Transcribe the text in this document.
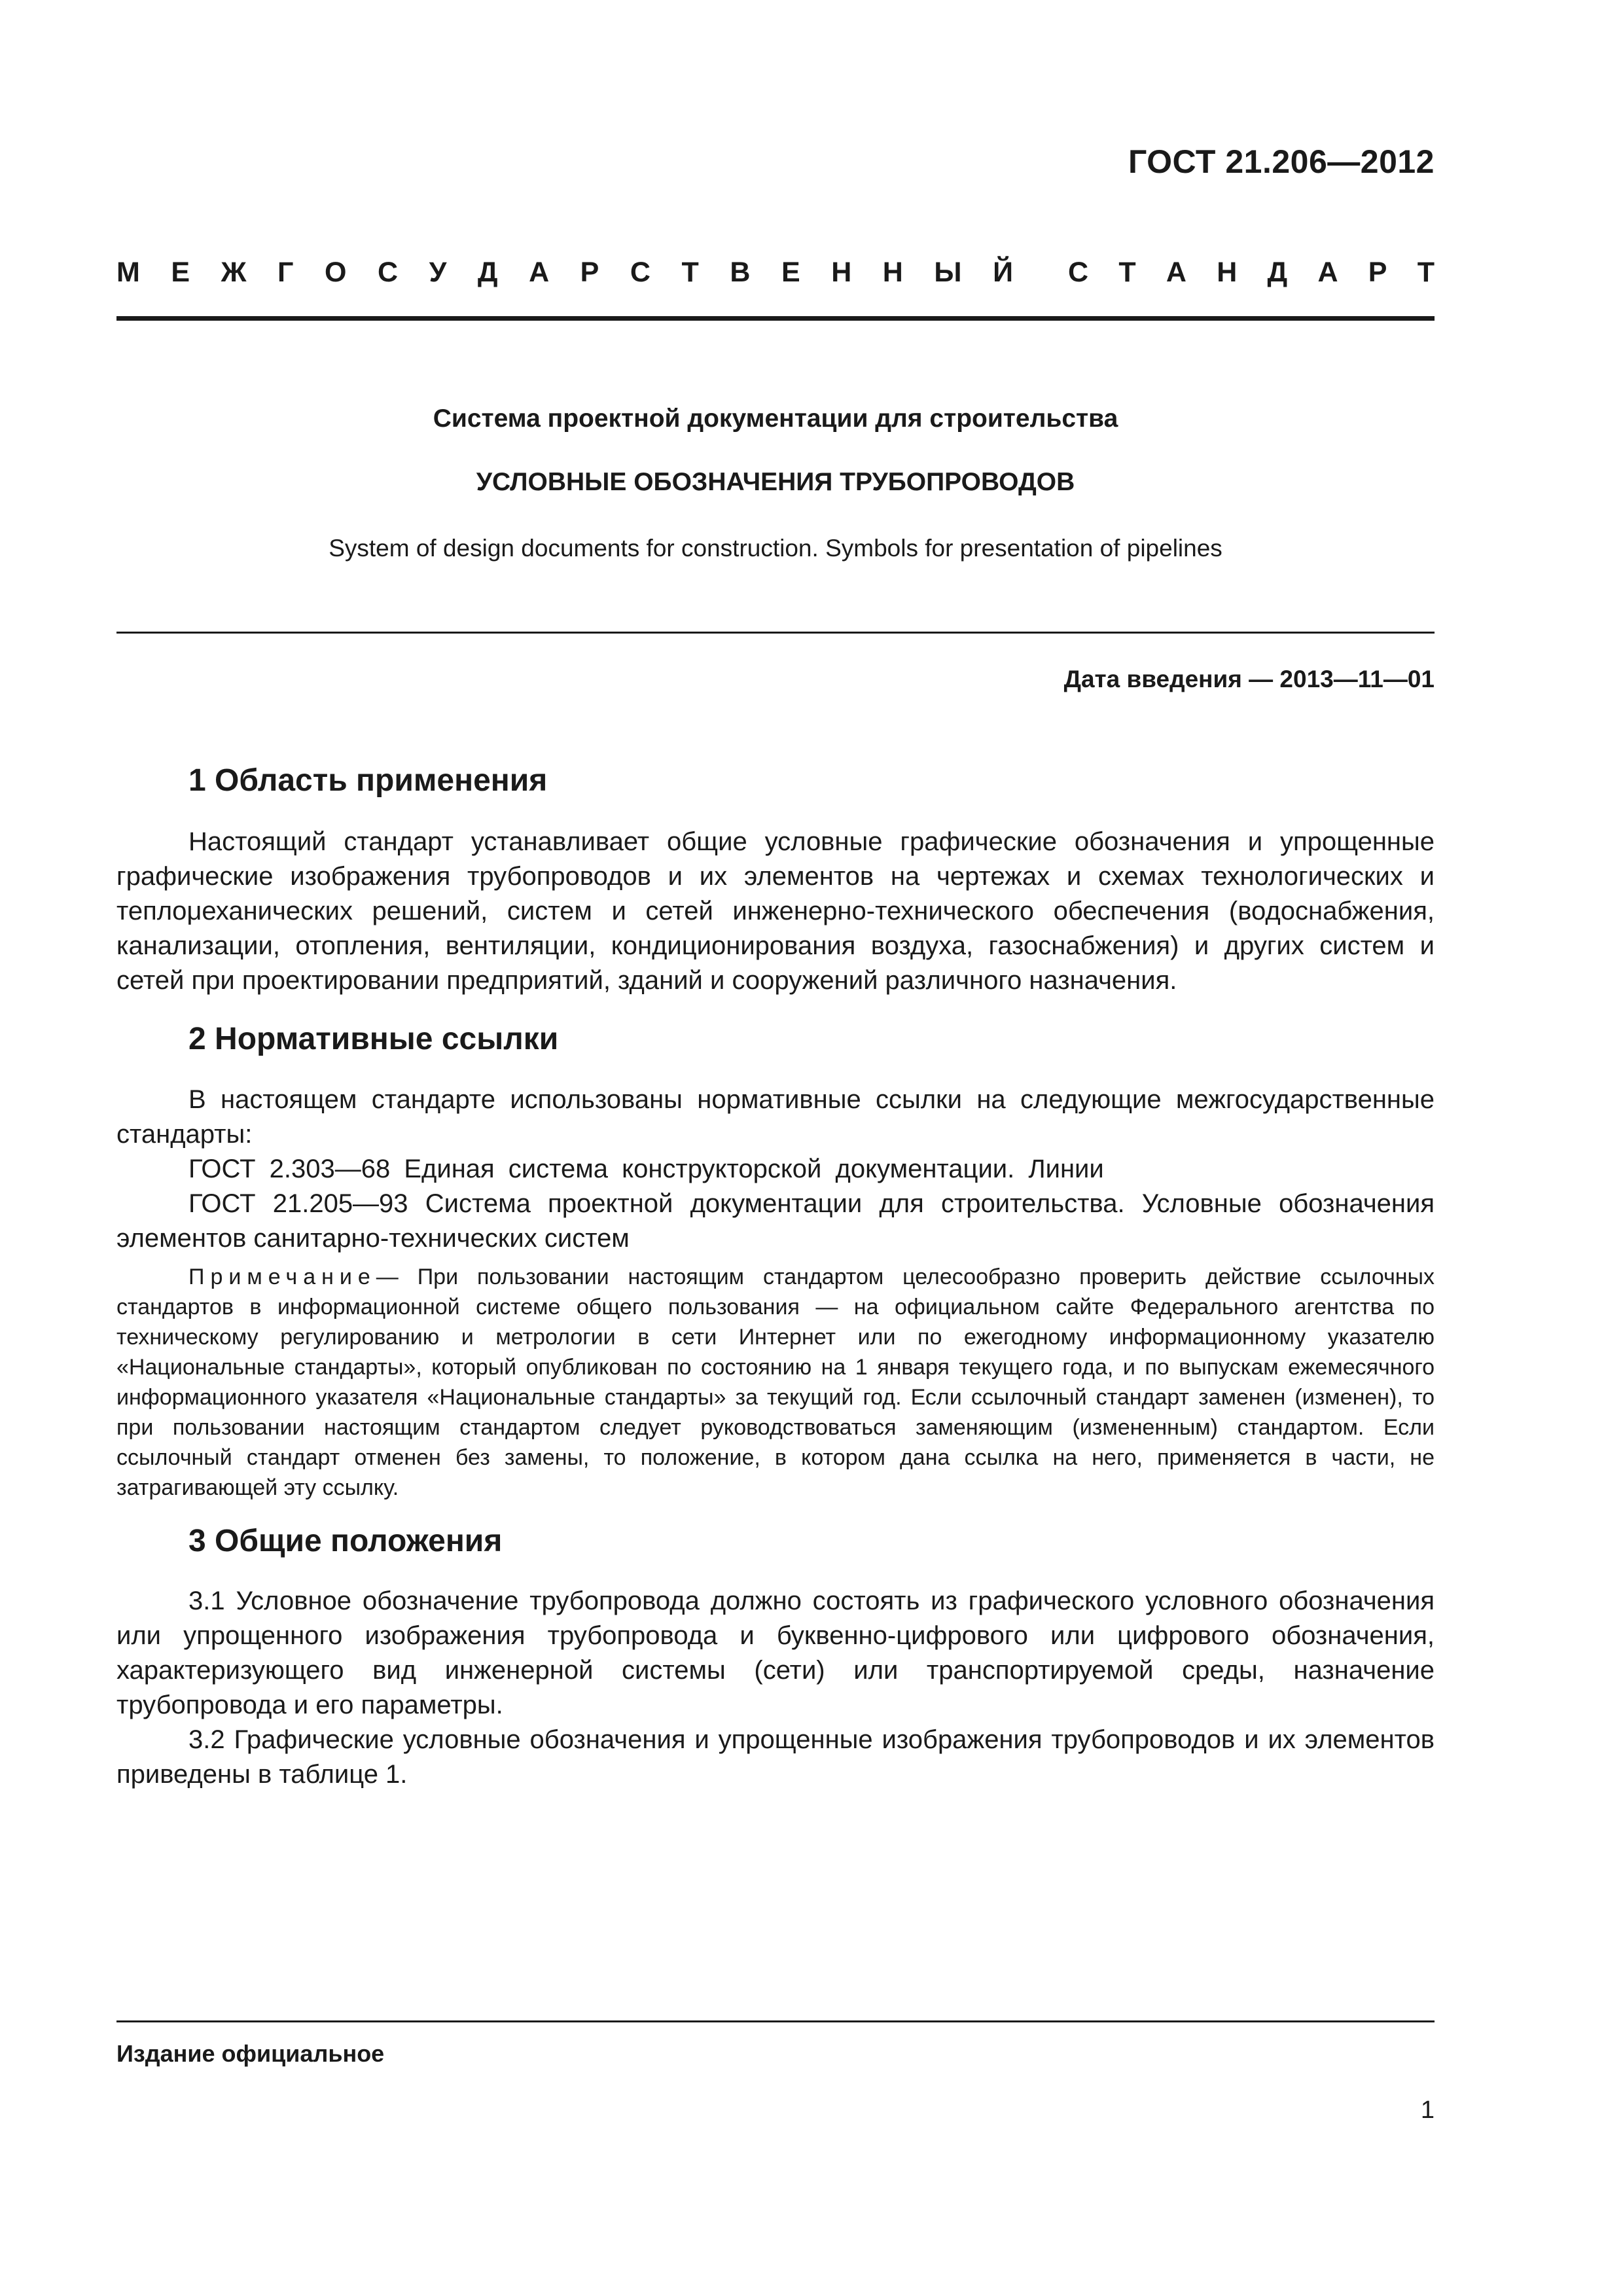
ГОСТ 21.206—2012
М Е Ж Г О С У Д А Р С Т В Е Н Н Ы Й С Т А Н Д А Р Т
Система проектной документации для строительства
УСЛОВНЫЕ ОБОЗНАЧЕНИЯ ТРУБОПРОВОДОВ
System of design documents for construction. Symbols for presentation of pipelines
Дата введения — 2013—11—01
1 Область применения

Настоящий стандарт устанавливает общие условные графические обозначения и упрощенные графические изображения трубопроводов и их элементов на чертежах и схемах технологических и теплομеханических решений, систем и сетей инженерно-технического обеспечения (водоснабжения, канализации, отопления, вентиляции, кондиционирования воздуха, газоснабжения) и других систем и сетей при проектировании предприятий, зданий и сооружений различного назначения.

2 Нормативные ссылки

В настоящем стандарте использованы нормативные ссылки на следующие межгосударственные стандарты:

ГОСТ 2.303—68 Единая система конструкторской документации. Линии

ГОСТ 21.205—93 Система проектной документации для строительства. Условные обозначения элементов санитарно-технических систем

Примечание— При пользовании настоящим стандартом целесообразно проверить действие ссылочных стандартов в информационной системе общего пользования — на официальном сайте Федерального агентства по техническому регулированию и метрологии в сети Интернет или по ежегодному информационному указателю «Национальные стандарты», который опубликован по состоянию на 1 января текущего года, и по выпускам ежемесячного информационного указателя «Национальные стандарты» за текущий год. Если ссылочный стандарт заменен (изменен), то при пользовании настоящим стандартом следует руководствоваться заменяющим (измененным) стандартом. Если ссылочный стандарт отменен без замены, то положение, в котором дана ссылка на него, применяется в части, не затрагивающей эту ссылку.

3 Общие положения

3.1 Условное обозначение трубопровода должно состоять из графического условного обозначения или упрощенного изображения трубопровода и буквенно-цифрового или цифрового обозначения, характеризующего вид инженерной системы (сети) или транспортируемой среды, назначение трубопровода и его параметры.

3.2 Графические условные обозначения и упрощенные изображения трубопроводов и их элементов приведены в таблице 1.

Издание официальное
1
